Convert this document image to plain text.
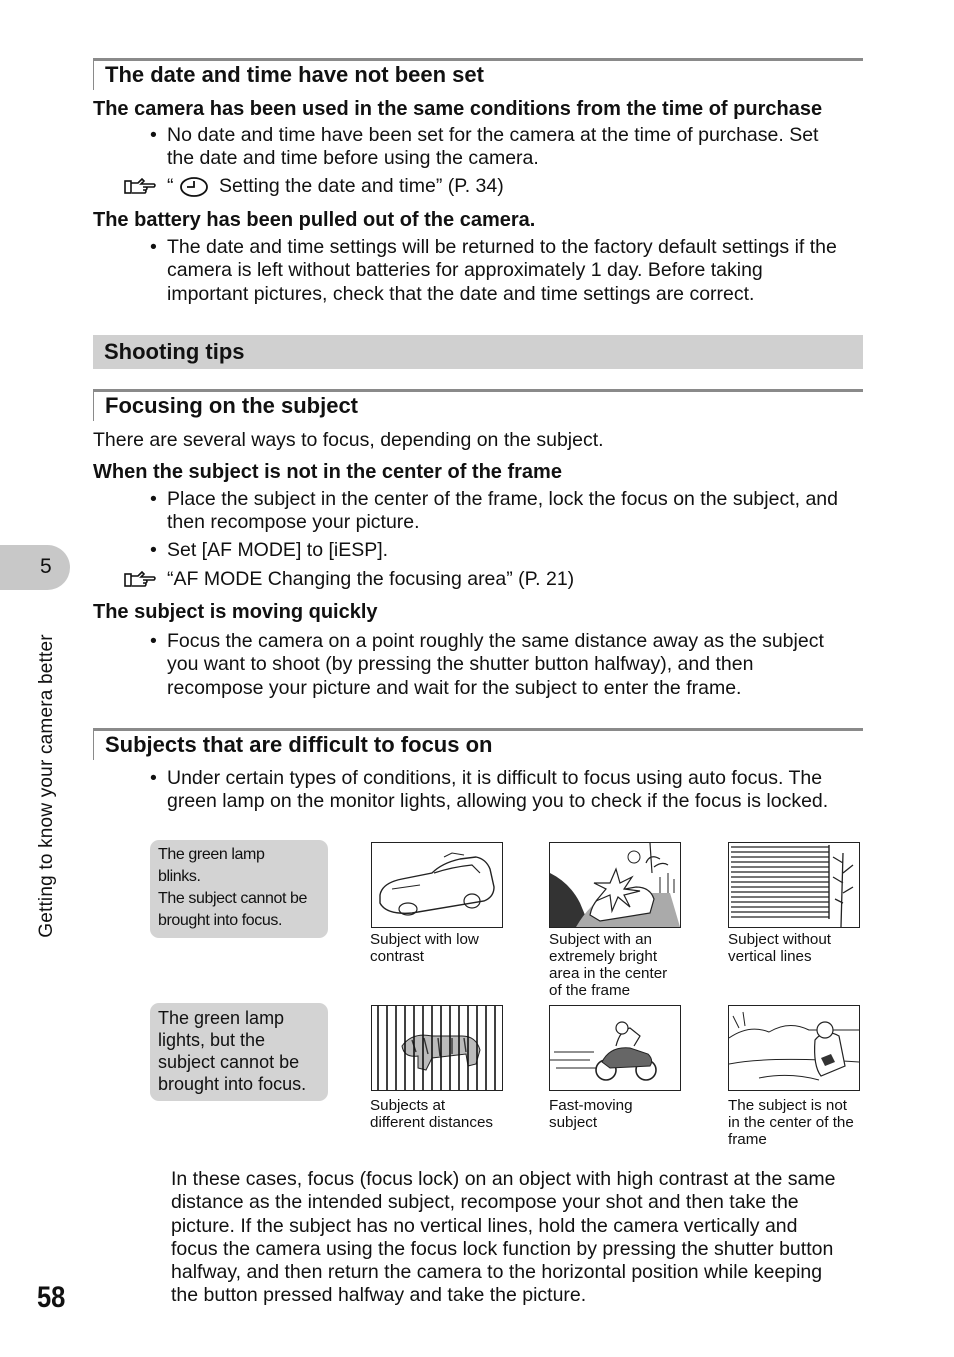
The date and time have not been set
The camera has been used in the same conditions from the time of purchase
• No date and time have been set for the camera at the time of purchase. Set
the date and time before using the camera.
“ Setting the date and time” (P. 34)
The battery has been pulled out of the camera.
• The date and time settings will be returned to the factory default settings if the
camera is left without batteries for approximately 1 day. Before taking
important pictures, check that the date and time settings are correct.
Shooting tips
Focusing on the subject
There are several ways to focus, depending on the subject.
When the subject is not in the center of the frame
• Place the subject in the center of the frame, lock the focus on the subject, and
then recompose your picture.
• Set [AF MODE] to [iESP].
“AF MODE Changing the focusing area” (P. 21)
The subject is moving quickly
• Focus the camera on a point roughly the same distance away as the subject
you want to shoot (by pressing the shutter button halfway), and then
recompose your picture and wait for the subject to enter the frame.
Subjects that are difficult to focus on
• Under certain types of conditions, it is difficult to focus using auto focus. The
green lamp on the monitor lights, allowing you to check if the focus is locked.
The green lamp
blinks.
The subject cannot be
brought into focus.
The green lamp
lights, but the
subject cannot be
brought into focus.
Subject with low
contrast
Subject with an
extremely bright
area in the center
of the frame
Subject without
vertical lines
Subjects at
different distances
Fast-moving
subject
The subject is not
in the center of the
frame
In these cases, focus (focus lock) on an object with high contrast at the same
distance as the intended subject, recompose your shot and then take the
picture. If the subject has no vertical lines, hold the camera vertically and
focus the camera using the focus lock function by pressing the shutter button
halfway, and then return the camera to the horizontal position while keeping
the button pressed halfway and take the picture.
5
Getting to know your camera better
58
